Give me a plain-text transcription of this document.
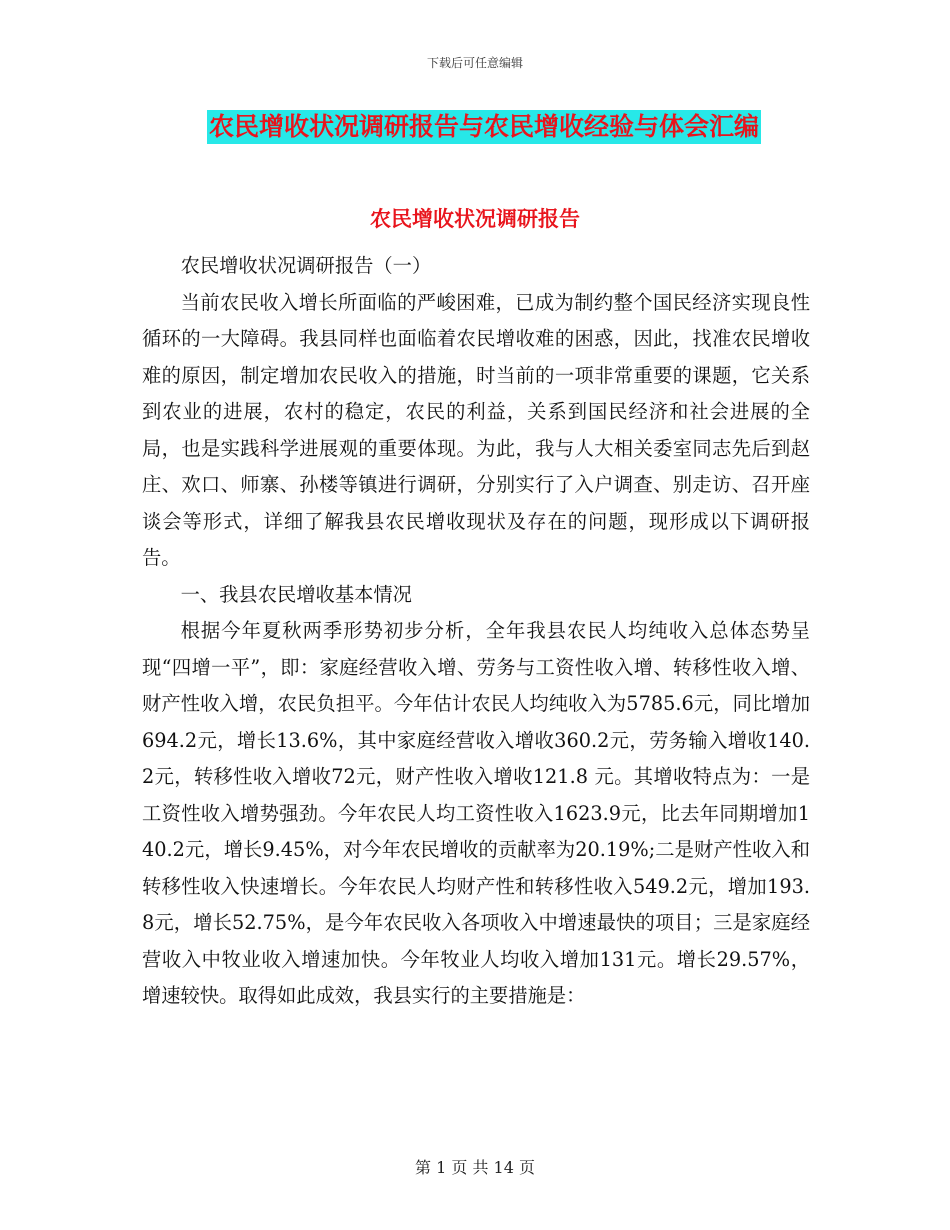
下载后可任意编辑
农民增收状况调研报告与农民增收经验与体会汇编
农民增收状况调研报告

农民增收状况调研报告（一）

当前农民收入增长所面临的严峻困难，已成为制约整个国民经济实现良性循环的一大障碍。我县同样也面临着农民增收难的困惑，因此，找准农民增收难的原因，制定增加农民收入的措施，时当前的一项非常重要的课题，它关系到农业的进展，农村的稳定，农民的利益，关系到国民经济和社会进展的全局，也是实践科学进展观的重要体现。为此，我与人大相关委室同志先后到赵庄、欢口、师寨、孙楼等镇进行调研，分别实行了入户调查、别走访、召开座谈会等形式，详细了解我县农民增收现状及存在的问题，现形成以下调研报告。

一、我县农民增收基本情况

根据今年夏秋两季形势初步分析，全年我县农民人均纯收入总体态势呈现“四增一平”，即：家庭经营收入增、劳务与工资性收入增、转移性收入增、财产性收入增，农民负担平。今年估计农民人均纯收入为5785.6元，同比增加694.2元，增长13.6%，其中家庭经营收入增收360.2元，劳务输入增收140.2元，转移性收入增收72元，财产性收入增收121.8 元。其增收特点为：一是工资性收入增势强劲。今年农民人均工资性收入1623.9元，比去年同期增加140.2元，增长9.45%，对今年农民增收的贡献率为20.19%;二是财产性收入和转移性收入快速增长。今年农民人均财产性和转移性收入549.2元，增加193.8元，增长52.75%，是今年农民收入各项收入中增速最快的项目；三是家庭经营收入中牧业收入增速加快。今年牧业人均收入增加131元。增长29.57%，增速较快。取得如此成效，我县实行的主要措施是：

第 1 页 共 14 页
